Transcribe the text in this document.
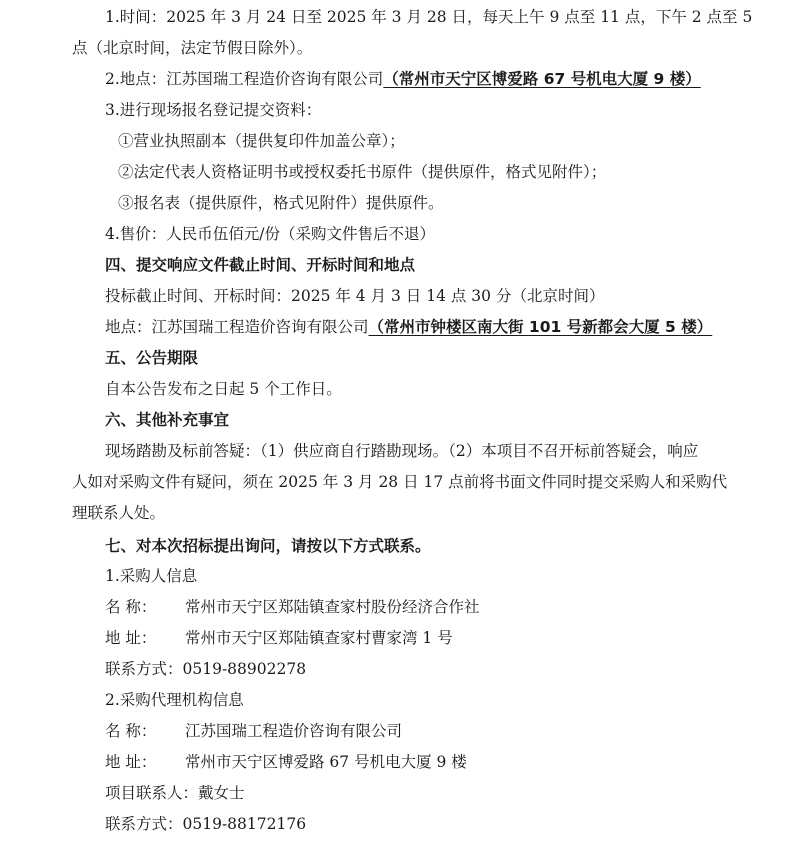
1.时间：2025 年 3 月 24 日至 2025 年 3 月 28 日，每天上午 9 点至 11 点，下午 2 点至 5
点（北京时间，法定节假日除外）。
2.地点：江苏国瑞工程造价咨询有限公司（常州市天宁区博爱路 67 号机电大厦 9 楼）
3.进行现场报名登记提交资料：
①营业执照副本（提供复印件加盖公章）；
②法定代表人资格证明书或授权委托书原件（提供原件，格式见附件）；
③报名表（提供原件，格式见附件）提供原件。
4.售价：人民币伍佰元/份（采购文件售后不退）
四、提交响应文件截止时间、开标时间和地点
投标截止时间、开标时间：2025 年 4 月 3 日 14 点 30 分（北京时间）
地点：江苏国瑞工程造价咨询有限公司（常州市钟楼区南大街 101 号新都会大厦 5 楼）
五、公告期限
自本公告发布之日起 5 个工作日。
六、其他补充事宜
现场踏勘及标前答疑：（1）供应商自行踏勘现场。（2）本项目不召开标前答疑会，响应
人如对采购文件有疑问，须在 2025 年 3 月 28 日 17 点前将书面文件同时提交采购人和采购代
理联系人处。
七、对本次招标提出询问，请按以下方式联系。
1.采购人信息
名 称： 常州市天宁区郑陆镇查家村股份经济合作社
地 址： 常州市天宁区郑陆镇查家村曹家湾 1 号
联系方式：0519-88902278
2.采购代理机构信息
名 称： 江苏国瑞工程造价咨询有限公司
地 址： 常州市天宁区博爱路 67 号机电大厦 9 楼
项目联系人：戴女士
联系方式：0519-88172176
